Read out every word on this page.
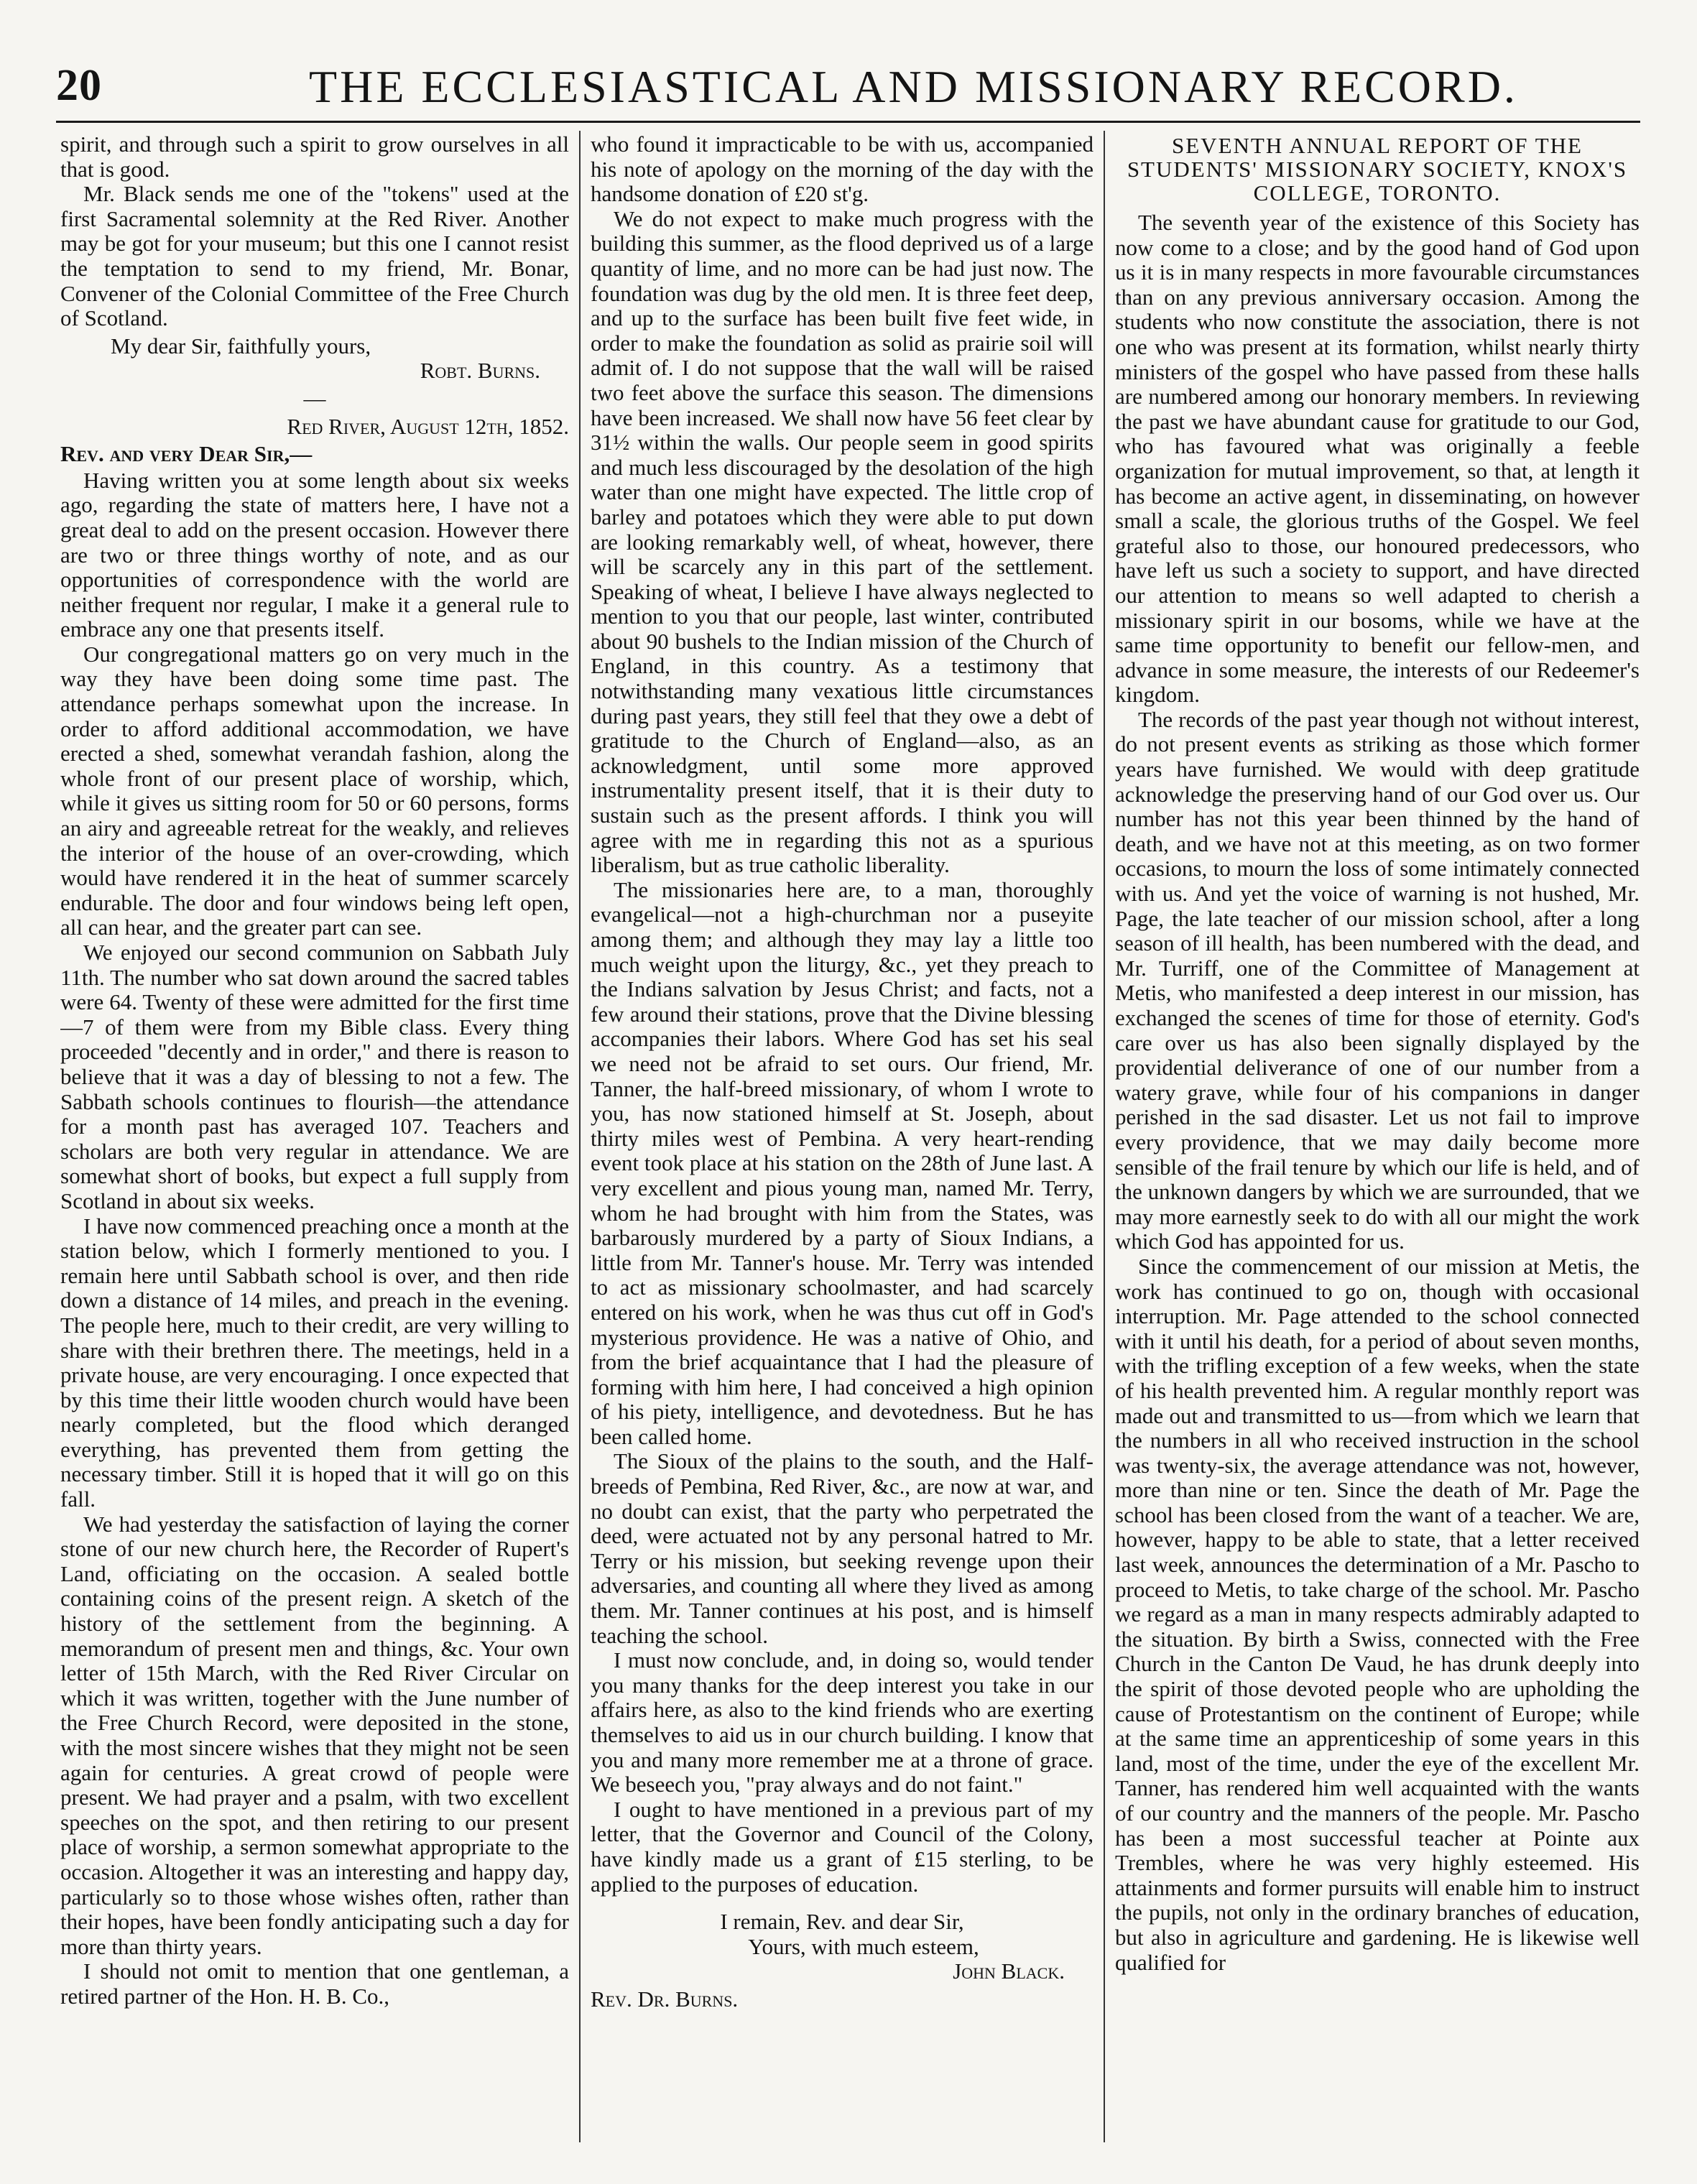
20	THE ECCLESIASTICAL AND MISSIONARY RECORD.

spirit, and through such a spirit to grow ourselves in all that is good.

Mr. Black sends me one of the "tokens" used at the first Sacramental solemnity at the Red River. Another may be got for your museum; but this one I cannot resist the temptation to send to my friend, Mr. Bonar, Convener of the Colonial Committee of the Free Church of Scotland.

My dear Sir, faithfully yours,

Robt. Burns.

—

Red River, August 12th, 1852.

Rev. and very Dear Sir,—

Having written you at some length about six weeks ago, regarding the state of matters here, I have not a great deal to add on the present occasion. However there are two or three things worthy of note, and as our opportunities of correspondence with the world are neither frequent nor regular, I make it a general rule to embrace any one that presents itself.

Our congregational matters go on very much in the way they have been doing some time past. The attendance perhaps somewhat upon the increase. In order to afford additional accommodation, we have erected a shed, somewhat verandah fashion, along the whole front of our present place of worship, which, while it gives us sitting room for 50 or 60 persons, forms an airy and agreeable retreat for the weakly, and relieves the interior of the house of an over-crowding, which would have rendered it in the heat of summer scarcely endurable. The door and four windows being left open, all can hear, and the greater part can see.

We enjoyed our second communion on Sabbath July 11th. The number who sat down around the sacred tables were 64. Twenty of these were admitted for the first time—7 of them were from my Bible class. Every thing proceeded "decently and in order," and there is reason to believe that it was a day of blessing to not a few. The Sabbath schools continues to flourish—the attendance for a month past has averaged 107. Teachers and scholars are both very regular in attendance. We are somewhat short of books, but expect a full supply from Scotland in about six weeks.

I have now commenced preaching once a month at the station below, which I formerly mentioned to you. I remain here until Sabbath school is over, and then ride down a distance of 14 miles, and preach in the evening. The people here, much to their credit, are very willing to share with their brethren there. The meetings, held in a private house, are very encouraging. I once expected that by this time their little wooden church would have been nearly completed, but the flood which deranged everything, has prevented them from getting the necessary timber. Still it is hoped that it will go on this fall.

We had yesterday the satisfaction of laying the corner stone of our new church here, the Recorder of Rupert's Land, officiating on the occasion. A sealed bottle containing coins of the present reign. A sketch of the history of the settlement from the beginning. A memorandum of present men and things, &c. Your own letter of 15th March, with the Red River Circular on which it was written, together with the June number of the Free Church Record, were deposited in the stone, with the most sincere wishes that they might not be seen again for centuries. A great crowd of people were present. We had prayer and a psalm, with two excellent speeches on the spot, and then retiring to our present place of worship, a sermon somewhat appropriate to the occasion. Altogether it was an interesting and happy day, particularly so to those whose wishes often, rather than their hopes, have been fondly anticipating such a day for more than thirty years.

I should not omit to mention that one gentleman, a retired partner of the Hon. H. B. Co.,

who found it impracticable to be with us, accompanied his note of apology on the morning of the day with the handsome donation of £20 st'g.

We do not expect to make much progress with the building this summer, as the flood deprived us of a large quantity of lime, and no more can be had just now. The foundation was dug by the old men. It is three feet deep, and up to the surface has been built five feet wide, in order to make the foundation as solid as prairie soil will admit of. I do not suppose that the wall will be raised two feet above the surface this season. The dimensions have been increased. We shall now have 56 feet clear by 31½ within the walls. Our people seem in good spirits and much less discouraged by the desolation of the high water than one might have expected. The little crop of barley and potatoes which they were able to put down are looking remarkably well, of wheat, however, there will be scarcely any in this part of the settlement. Speaking of wheat, I believe I have always neglected to mention to you that our people, last winter, contributed about 90 bushels to the Indian mission of the Church of England, in this country. As a testimony that notwithstanding many vexatious little circumstances during past years, they still feel that they owe a debt of gratitude to the Church of England—also, as an acknowledgment, until some more approved instrumentality present itself, that it is their duty to sustain such as the present affords. I think you will agree with me in regarding this not as a spurious liberalism, but as true catholic liberality.

The missionaries here are, to a man, thoroughly evangelical—not a high-churchman nor a puseyite among them; and although they may lay a little too much weight upon the liturgy, &c., yet they preach to the Indians salvation by Jesus Christ; and facts, not a few around their stations, prove that the Divine blessing accompanies their labors. Where God has set his seal we need not be afraid to set ours. Our friend, Mr. Tanner, the half-breed missionary, of whom I wrote to you, has now stationed himself at St. Joseph, about thirty miles west of Pembina. A very heart-rending event took place at his station on the 28th of June last. A very excellent and pious young man, named Mr. Terry, whom he had brought with him from the States, was barbarously murdered by a party of Sioux Indians, a little from Mr. Tanner's house. Mr. Terry was intended to act as missionary schoolmaster, and had scarcely entered on his work, when he was thus cut off in God's mysterious providence. He was a native of Ohio, and from the brief acquaintance that I had the pleasure of forming with him here, I had conceived a high opinion of his piety, intelligence, and devotedness. But he has been called home.

The Sioux of the plains to the south, and the Half-breeds of Pembina, Red River, &c., are now at war, and no doubt can exist, that the party who perpetrated the deed, were actuated not by any personal hatred to Mr. Terry or his mission, but seeking revenge upon their adversaries, and counting all where they lived as among them. Mr. Tanner continues at his post, and is himself teaching the school.

I must now conclude, and, in doing so, would tender you many thanks for the deep interest you take in our affairs here, as also to the kind friends who are exerting themselves to aid us in our church building. I know that you and many more remember me at a throne of grace. We beseech you, "pray always and do not faint."

I ought to have mentioned in a previous part of my letter, that the Governor and Council of the Colony, have kindly made us a grant of £15 sterling, to be applied to the purposes of education.

I remain, Rev. and dear Sir,

Yours, with much esteem,

John Black.

Rev. Dr. Burns.

SEVENTH ANNUAL REPORT OF THE STUDENTS' MISSIONARY SOCIETY, KNOX'S COLLEGE, TORONTO.

The seventh year of the existence of this Society has now come to a close; and by the good hand of God upon us it is in many respects in more favourable circumstances than on any previous anniversary occasion. Among the students who now constitute the association, there is not one who was present at its formation, whilst nearly thirty ministers of the gospel who have passed from these halls are numbered among our honorary members. In reviewing the past we have abundant cause for gratitude to our God, who has favoured what was originally a feeble organization for mutual improvement, so that, at length it has become an active agent, in disseminating, on however small a scale, the glorious truths of the Gospel. We feel grateful also to those, our honoured predecessors, who have left us such a society to support, and have directed our attention to means so well adapted to cherish a missionary spirit in our bosoms, while we have at the same time opportunity to benefit our fellow-men, and advance in some measure, the interests of our Redeemer's kingdom.

The records of the past year though not without interest, do not present events as striking as those which former years have furnished. We would with deep gratitude acknowledge the preserving hand of our God over us. Our number has not this year been thinned by the hand of death, and we have not at this meeting, as on two former occasions, to mourn the loss of some intimately connected with us. And yet the voice of warning is not hushed, Mr. Page, the late teacher of our mission school, after a long season of ill health, has been numbered with the dead, and Mr. Turriff, one of the Committee of Management at Metis, who manifested a deep interest in our mission, has exchanged the scenes of time for those of eternity. God's care over us has also been signally displayed by the providential deliverance of one of our number from a watery grave, while four of his companions in danger perished in the sad disaster. Let us not fail to improve every providence, that we may daily become more sensible of the frail tenure by which our life is held, and of the unknown dangers by which we are surrounded, that we may more earnestly seek to do with all our might the work which God has appointed for us.

Since the commencement of our mission at Metis, the work has continued to go on, though with occasional interruption. Mr. Page attended to the school connected with it until his death, for a period of about seven months, with the trifling exception of a few weeks, when the state of his health prevented him. A regular monthly report was made out and transmitted to us—from which we learn that the numbers in all who received instruction in the school was twenty-six, the average attendance was not, however, more than nine or ten. Since the death of Mr. Page the school has been closed from the want of a teacher. We are, however, happy to be able to state, that a letter received last week, announces the determination of a Mr. Pascho to proceed to Metis, to take charge of the school. Mr. Pascho we regard as a man in many respects admirably adapted to the situation. By birth a Swiss, connected with the Free Church in the Canton De Vaud, he has drunk deeply into the spirit of those devoted people who are upholding the cause of Protestantism on the continent of Europe; while at the same time an apprenticeship of some years in this land, most of the time, under the eye of the excellent Mr. Tanner, has rendered him well acquainted with the wants of our country and the manners of the people. Mr. Pascho has been a most successful teacher at Pointe aux Trembles, where he was very highly esteemed. His attainments and former pursuits will enable him to instruct the pupils, not only in the ordinary branches of education, but also in agriculture and gardening. He is likewise well qualified for
